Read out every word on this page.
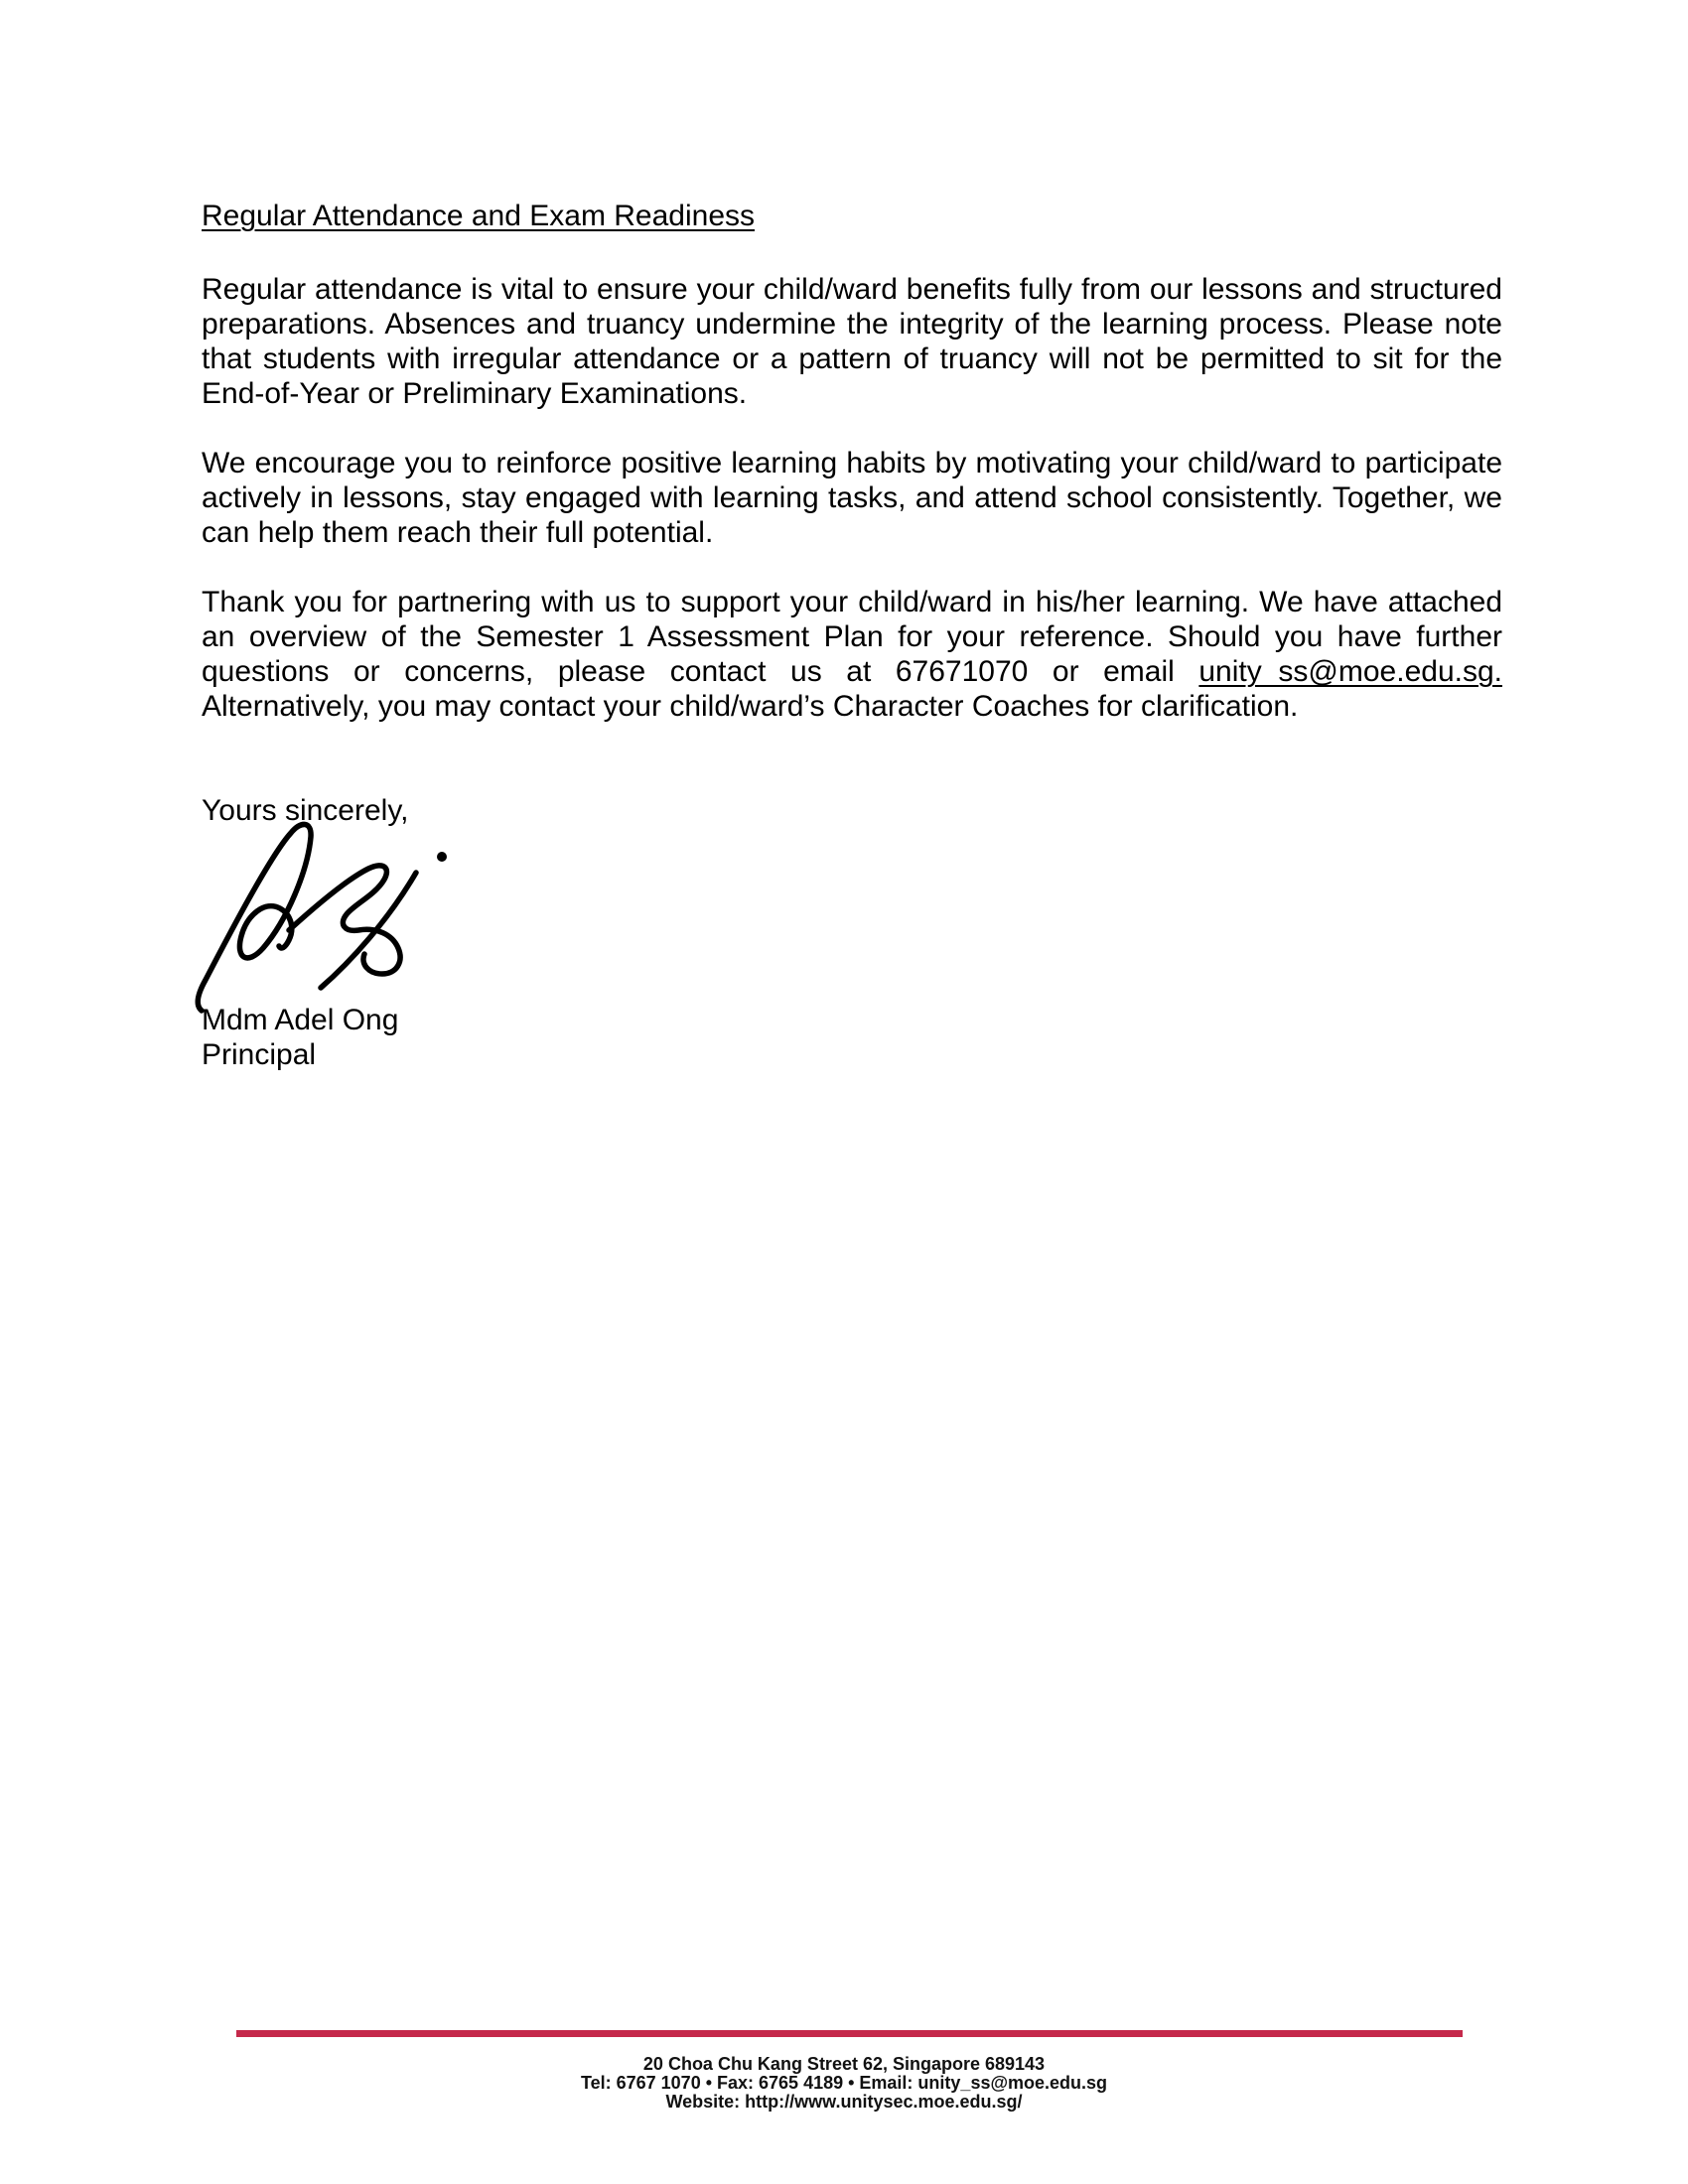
Regular Attendance and Exam Readiness

Regular attendance is vital to ensure your child/ward benefits fully from our lessons and structured preparations. Absences and truancy undermine the integrity of the learning process. Please note that students with irregular attendance or a pattern of truancy will not be permitted to sit for the End-of-Year or Preliminary Examinations.

We encourage you to reinforce positive learning habits by motivating your child/ward to participate actively in lessons, stay engaged with learning tasks, and attend school consistently. Together, we can help them reach their full potential.

Thank you for partnering with us to support your child/ward in his/her learning. We have attached an overview of the Semester 1 Assessment Plan for your reference. Should you have further questions or concerns, please contact us at 67671070 or email unity_ss@moe.edu.sg. Alternatively, you may contact your child/ward’s Character Coaches for clarification.

Yours sincerely,

Mdm Adel Ong

Principal

20 Choa Chu Kang Street 62, Singapore 689143
Tel: 6767 1070 • Fax: 6765 4189 • Email: unity_ss@moe.edu.sg
Website: http://www.unitysec.moe.edu.sg/
